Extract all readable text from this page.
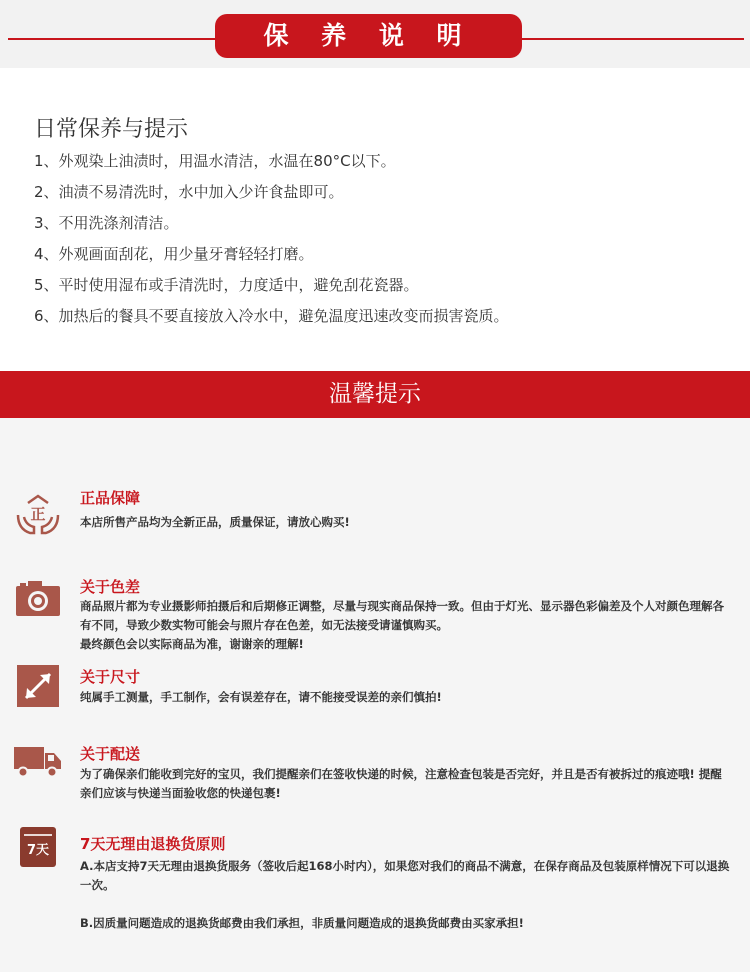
保 养 说 明
日常保养与提示
1、外观染上油渍时，用温水清洁，水温在80°C以下。
2、油渍不易清洗时，水中加入少许食盐即可。
3、不用洗涤剂清洁。
4、外观画面刮花，用少量牙膏轻轻打磨。
5、平时使用湿布或手清洗时，力度适中，避免刮花瓷器。
6、加热后的餐具不要直接放入冷水中，避免温度迅速改变而损害瓷质。
温馨提示
正
正品保障

本店所售产品均为全新正品，质量保证，请放心购买!

关于色差

商品照片都为专业摄影师拍摄后和后期修正调整，尽量与现实商品保持一致。但由于灯光、显示器色彩偏差及个人对颜色理解各有不同，导致少数实物可能会与照片存在色差，如无法接受请谨慎购买。

最终颜色会以实际商品为准，谢谢亲的理解!

关于尺寸

纯属手工测量，手工制作，会有误差存在，请不能接受误差的亲们慎拍!

关于配送

为了确保亲们能收到完好的宝贝，我们提醒亲们在签收快递的时候，注意检查包装是否完好，并且是否有被拆过的痕迹哦! 提醒亲们应该与快递当面验收您的快递包裹!

7天	7天无理由退换货原则

A.本店支持7天无理由退换货服务（签收后起168小时内），如果您对我们的商品不满意，在保存商品及包装原样情况下可以退换一次。

B.因质量问题造成的退换货邮费由我们承担，非质量问题造成的退换货邮费由买家承担!
